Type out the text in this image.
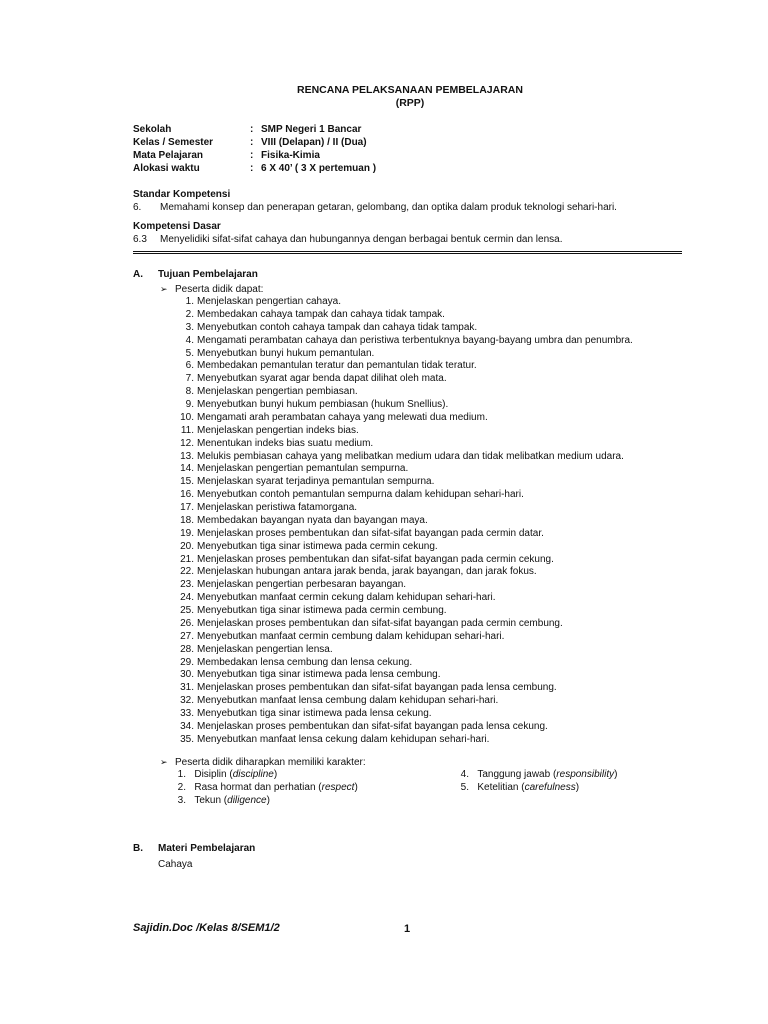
RENCANA PELAKSANAAN PEMBELAJARAN
(RPP)
Sekolah	: SMP Negeri 1 Bancar
Kelas / Semester	: VIII (Delapan) / II (Dua)
Mata Pelajaran	: Fisika-Kimia
Alokasi waktu	: 6 X 40’ ( 3 X pertemuan )
Standar Kompetensi
6. Memahami konsep dan penerapan getaran, gelombang, dan optika dalam produk teknologi sehari-hari.
Kompetensi Dasar
6.3 Menyelidiki sifat-sifat cahaya dan hubungannya dengan berbagai bentuk cermin dan lensa.
A. Tujuan Pembelajaran
➢ Peserta didik dapat:
1. Menjelaskan pengertian cahaya.
2. Membedakan cahaya tampak dan cahaya tidak tampak.
3. Menyebutkan contoh cahaya tampak dan cahaya tidak tampak.
4. Mengamati perambatan cahaya dan peristiwa terbentuknya bayang-bayang umbra dan penumbra.
5. Menyebutkan bunyi hukum pemantulan.
6. Membedakan pemantulan teratur dan pemantulan tidak teratur.
7. Menyebutkan syarat agar benda dapat dilihat oleh mata.
8. Menjelaskan pengertian pembiasan.
9. Menyebutkan bunyi hukum pembiasan (hukum Snellius).
10. Mengamati arah perambatan cahaya yang melewati dua medium.
11. Menjelaskan pengertian indeks bias.
12. Menentukan indeks bias suatu medium.
13. Melukis pembiasan cahaya yang melibatkan medium udara dan tidak melibatkan medium udara.
14. Menjelaskan pengertian pemantulan sempurna.
15. Menjelaskan syarat terjadinya pemantulan sempurna.
16. Menyebutkan contoh pemantulan sempurna dalam kehidupan sehari-hari.
17. Menjelaskan peristiwa fatamorgana.
18. Membedakan bayangan nyata dan bayangan maya.
19. Menjelaskan proses pembentukan dan sifat-sifat bayangan pada cermin datar.
20. Menyebutkan tiga sinar istimewa pada cermin cekung.
21. Menjelaskan proses pembentukan dan sifat-sifat bayangan pada cermin cekung.
22. Menjelaskan hubungan antara jarak benda, jarak bayangan, dan jarak fokus.
23. Menjelaskan pengertian perbesaran bayangan.
24. Menyebutkan manfaat cermin cekung dalam kehidupan sehari-hari.
25. Menyebutkan tiga sinar istimewa pada cermin cembung.
26. Menjelaskan proses pembentukan dan sifat-sifat bayangan pada cermin cembung.
27. Menyebutkan manfaat cermin cembung dalam kehidupan sehari-hari.
28. Menjelaskan pengertian lensa.
29. Membedakan lensa cembung dan lensa cekung.
30. Menyebutkan tiga sinar istimewa pada lensa cembung.
31. Menjelaskan proses pembentukan dan sifat-sifat bayangan pada lensa cembung.
32. Menyebutkan manfaat lensa cembung dalam kehidupan sehari-hari.
33. Menyebutkan tiga sinar istimewa pada lensa cekung.
34. Menjelaskan proses pembentukan dan sifat-sifat bayangan pada lensa cekung.
35. Menyebutkan manfaat lensa cekung dalam kehidupan sehari-hari.
➢ Peserta didik diharapkan memiliki karakter:
1. Disiplin (discipline)
2. Rasa hormat dan perhatian (respect)
3. Tekun (diligence)
4. Tanggung jawab (responsibility)
5. Ketelitian (carefulness)
B. Materi Pembelajaran
Cahaya
Sajidin.Doc /Kelas 8/SEM1/2	1
